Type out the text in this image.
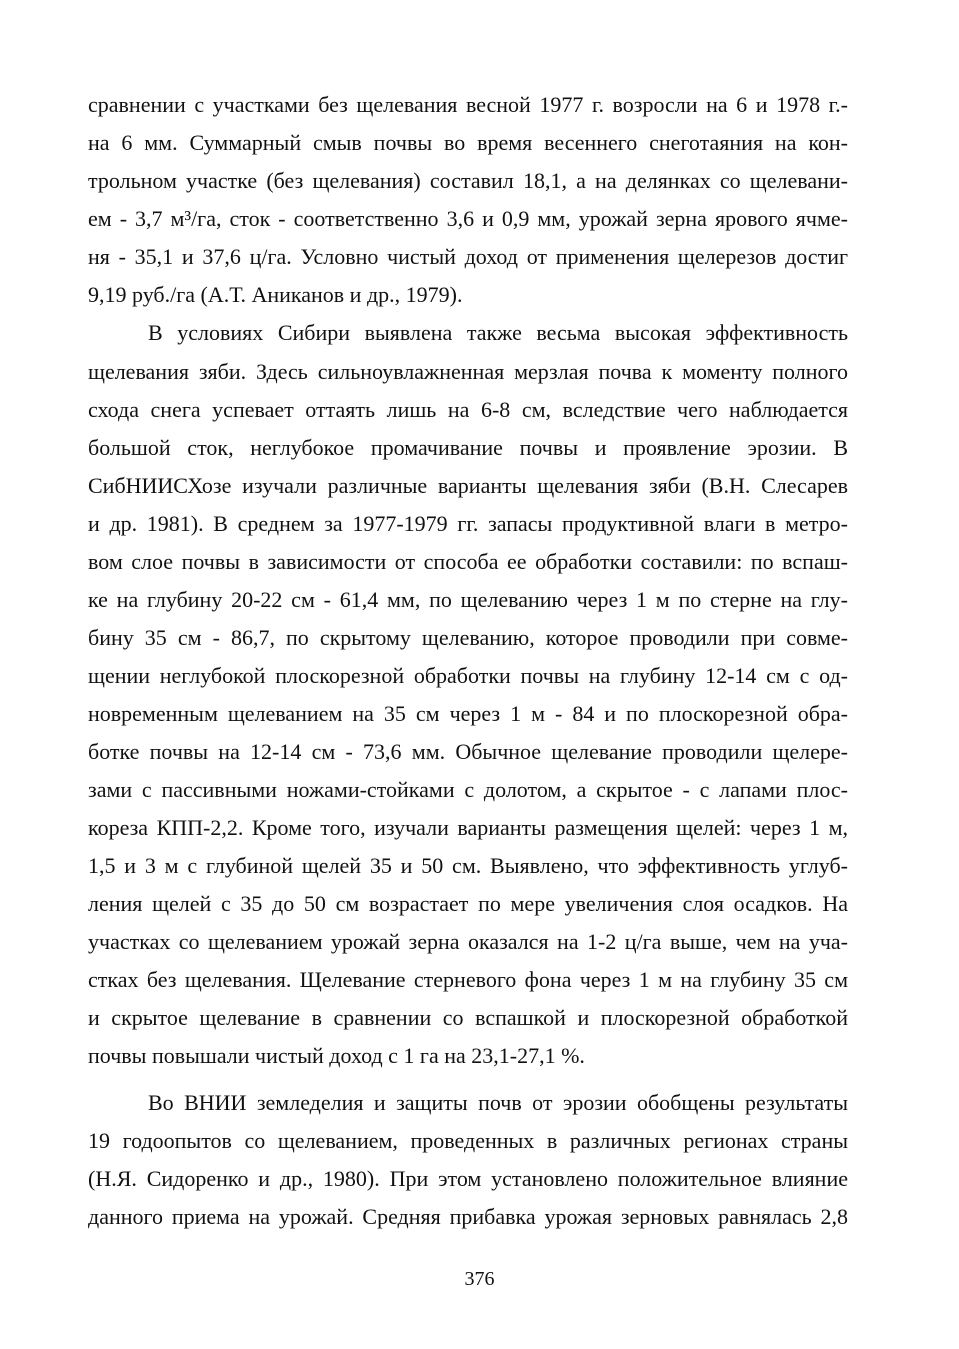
сравнении с участками без щелевания весной 1977 г. возросли на 6 и 1978 г.-
на 6 мм. Суммарный смыв почвы во время весеннего снеготаяния на кон-
трольном участке (без щелевания) составил 18,1, а на делянках со щелевани-
ем - 3,7 м³/га, сток - соответственно 3,6 и 0,9 мм, урожай зерна ярового ячме-
ня - 35,1 и 37,6 ц/га. Условно чистый доход от применения щелерезов достиг
9,19 руб./га (А.Т. Аниканов и др., 1979).
В условиях Сибири выявлена также весьма высокая эффективность
щелевания зяби. Здесь сильноувлажненная мерзлая почва к моменту полного
схода снега успевает оттаять лишь на 6-8 см, вследствие чего наблюдается
большой сток, неглубокое промачивание почвы и проявление эрозии. В
СибНИИСХозе изучали различные варианты щелевания зяби (В.Н. Слесарев
и др. 1981). В среднем за 1977-1979 гг. запасы продуктивной влаги в метро-
вом слое почвы в зависимости от способа ее обработки составили: по вспаш-
ке на глубину 20-22 см - 61,4 мм, по щелеванию через 1 м по стерне на глу-
бину 35 см - 86,7, по скрытому щелеванию, которое проводили при совме-
щении неглубокой плоскорезной обработки почвы на глубину 12-14 см с од-
новременным щелеванием на 35 см через 1 м - 84 и по плоскорезной обра-
ботке почвы на 12-14 см - 73,6 мм. Обычное щелевание проводили щелере-
зами с пассивными ножами-стойками с долотом, а скрытое - с лапами плос-
кореза КПП-2,2. Кроме того, изучали варианты размещения щелей: через 1 м,
1,5 и 3 м с глубиной щелей 35 и 50 см. Выявлено, что эффективность углуб-
ления щелей с 35 до 50 см возрастает по мере увеличения слоя осадков. На
участках со щелеванием урожай зерна оказался на 1-2 ц/га выше, чем на уча-
стках без щелевания. Щелевание стерневого фона через 1 м на глубину 35 см
и скрытое щелевание в сравнении со вспашкой и плоскорезной обработкой
почвы повышали чистый доход с 1 га на 23,1-27,1 %.
Во ВНИИ земледелия и защиты почв от эрозии обобщены результаты
19 годоопытов со щелеванием, проведенных в различных регионах страны
(Н.Я. Сидоренко и др., 1980). При этом установлено положительное влияние
данного приема на урожай. Средняя прибавка урожая зерновых равнялась 2,8
376
